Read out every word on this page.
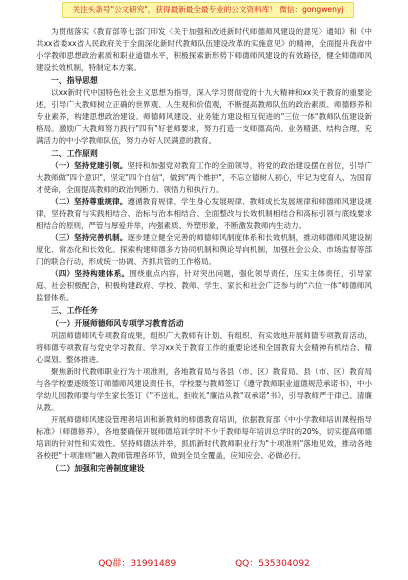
关注头条号"公文研究"，获得最新最全最专业的公文资料库！ 微信：gongwenyj

为贯彻落实《教育部等七部门印发〈关于加强和改进新时代师德师风建设的意见〉通知》和《中共xx省委xx省人民政府关于全面深化新时代教师队伍建设改革的实施意见》的精神，全面提升我省中小学教师思想政治素质和职业道德水平，积极探索新形势下师德师风建设的有效路径，健全师德师风建设长效机制，特制定本方案。

一、指导思想

以xx新时代中国特色社会主义思想为指导，深入学习贯彻党的十九大精神和xx关于教育的重要论述，引导广大教师树立正确的世界观、人生观和价值观，不断提高教师队伍的政治素质、师德修养和专业素养，构建思想政治建设、师德师风建设、业务能力建设相互促进的"三位一体"教师队伍建设新格局。激励广大教师努力践行"四有"好老师要求，努力打造一支师德高尚、业务精湛、结构合理、充满活力的中小学教师队伍，努力办好人民满意的教育。

二、工作原则

（一）坚持党建引领。坚持和加强党对教育工作的全面领导，将党的政治建设摆在首位，引导广大教师做"四个意识"，坚定"四个自信"，做到"两个维护"，不忘立德树人初心，牢记为党育人、为国育才使命，全面提高教师的政治判断力、领悟力和执行力。

（二）坚持尊重规律。遵循教育规律、学生身心发展规律、教师成长发展规律和师德师风建设规律，坚持教育与实践相结合、治标与治本相结合、全面整改与长效机制相结合和高标引领与底线要求相结合的原则，严管与厚爱并举，内强素质、外塑形象，不断激发教师内生动力。

（三）坚持完善机制。逐步建立健全完善的师德师风制度体系和长效机制，推动师德师风建设制度化、常态化和长效化。探索构建师德多方协同机制和舆论导向机制，加强社会公众、市场监督等部门的联合行动，形成统一协调、齐抓共管的工作格局。

（四）坚持构建体系。围绕重点内容，针对突出问题，强化领导责任，压实主体责任，引导家庭、社会积极配合，积极构建政府、学校、教师、学生、家长和社会广泛参与的"六位一体"师德师风监督体系。

三、工作任务
（一）开展师德师风专项学习教育活动

巩固师德师风专项教育成果，组织广大教师有计划、有组织、有实效地开展师德专项教育活动，将师德专项教育与党史学习教育、学习xx关于教育工作的重要论述和全国教育大会精神有机结合、精心谋划、整体推进。

聚焦新时代教师职业行为十项准则，各地教育局与各县（市、区）教育局、县（市、区）教育局与各学校要逐级签订师德师风建设责任书，学校要与教师签订《遵守教师职业道德规范承诺书》，中小学幼儿园教师要与学生家长签订《"不送礼、拒收礼"廉洁从教"双承诺"书》，引导教师严于律己、清廉从教。

开展师德师风建设管理者培训和新教师的师德教育培训，依据教育部《中小学教师培训课程指导标准》（师德修养），各地要确保开展师德培训学时不少于教师每年培训总学时的20%，切实提高师德培训的针对性和实效性。坚持师德法并举，抓抓新时代教师职业行为"十项准则"落地见效，推动各地各校把"十项准则"融入教师管理各环节，做到全员全覆盖，应知应会、必做必行。

（二）加强和完善制度建设
QQ群：31991489	QQ：535304092
